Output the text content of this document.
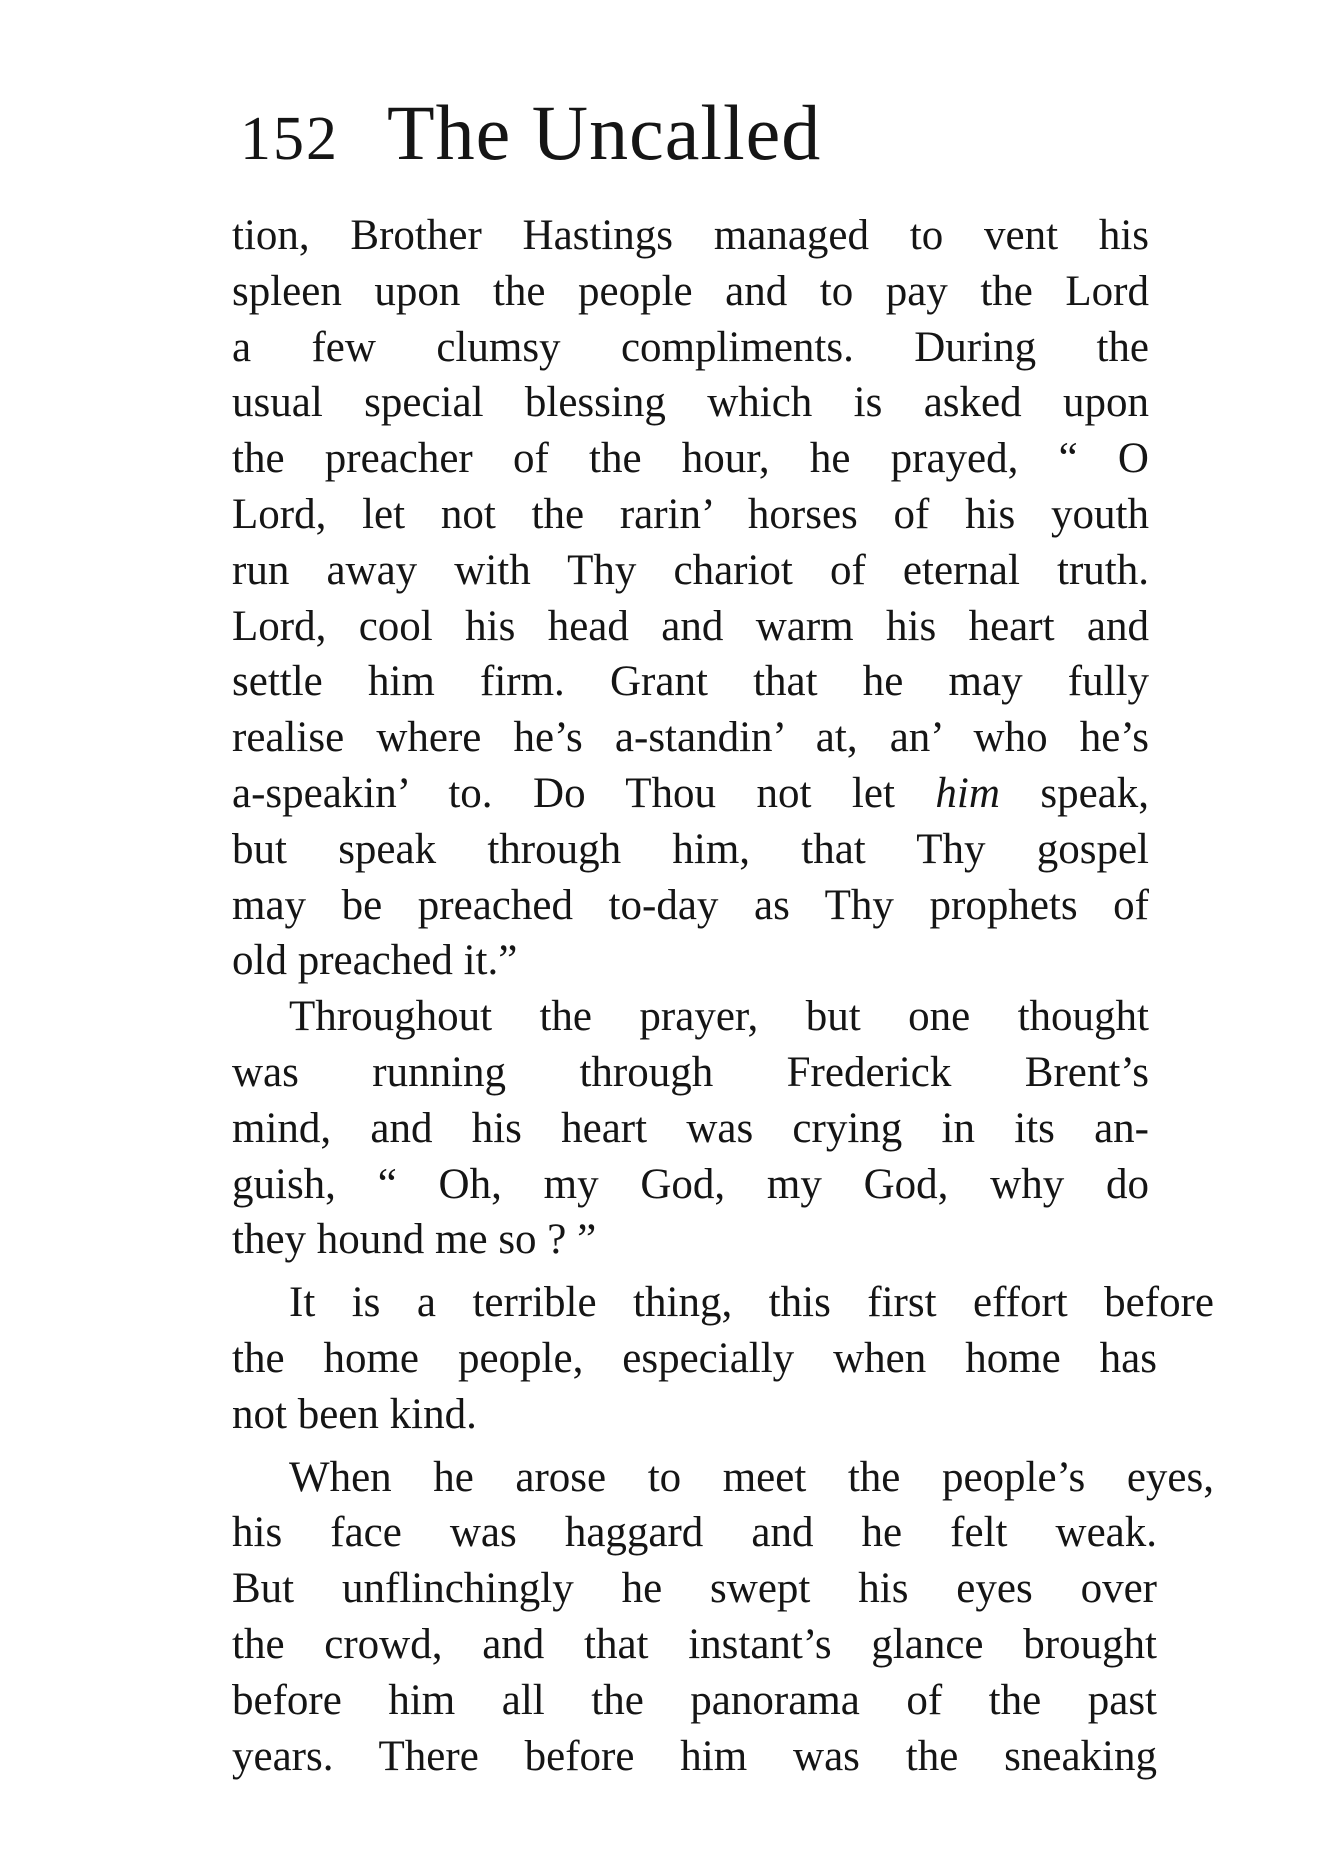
152 The Uncalled
tion, Brother Hastings managed to vent his
spleen upon the people and to pay the Lord
a few clumsy compliments. During the
usual special blessing which is asked upon
the preacher of the hour, he prayed, “ O
Lord, let not the rarin’ horses of his youth
run away with Thy chariot of eternal truth.
Lord, cool his head and warm his heart and
settle him firm. Grant that he may fully
realise where he’s a-standin’ at, an’ who he’s
a-speakin’ to. Do Thou not let him speak,
but speak through him, that Thy gospel
may be preached to-day as Thy prophets of
old preached it.”
Throughout the prayer, but one thought
was running through Frederick Brent’s
mind, and his heart was crying in its an-
guish, “ Oh, my God, my God, why do
they hound me so ? ”
It is a terrible thing, this first effort before
the home people, especially when home has
not been kind.
When he arose to meet the people’s eyes,
his face was haggard and he felt weak.
But unflinchingly he swept his eyes over
the crowd, and that instant’s glance brought
before him all the panorama of the past
years. There before him was the sneaking
